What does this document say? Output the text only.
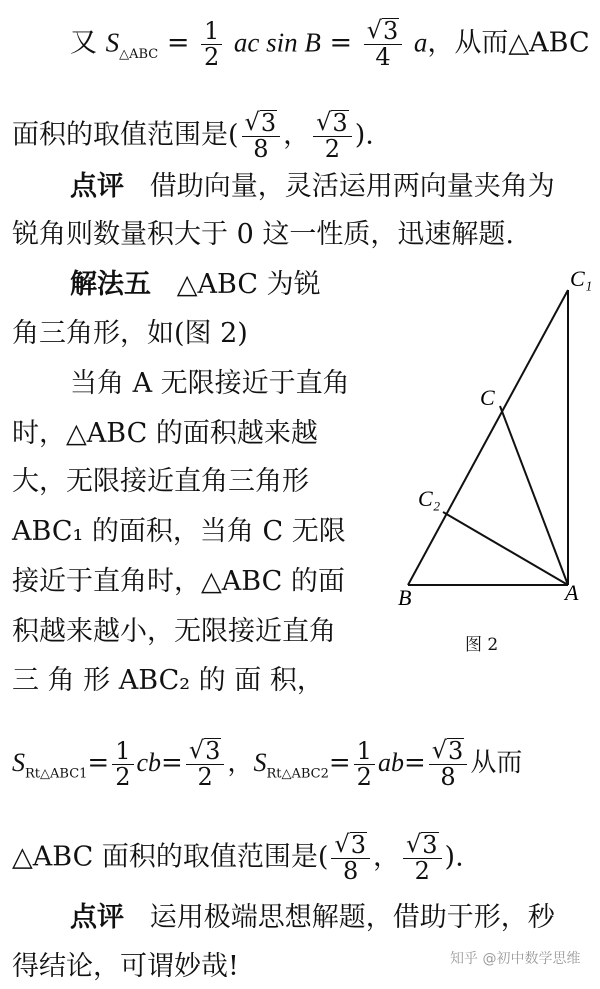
又 $S_{\triangle ABC} = \frac{1}{2}$ ac $\sin B = \frac{√ 3}{4}$ a，从而△ABC
面积的取值范围是( $\frac{√ 3}{8}$ ， $\frac{√ 3}{2}$ ).
点评 借助向量，灵活运用两向量夹角为
锐角则数量积大于 0 这一性质，迅速解题.
解法五 △ABC 为锐
角三角形，如(图 2)
当角 A 无限接近于直角
时，△ABC 的面积越来越
大，无限接近直角三角形
ABC₁ 的面积，当角 C 无限
接近于直角时，△ABC 的面
积越来越小，无限接近直角
三 角 形 ABC₂ 的 面 积，
C₁
C
C₂
B	A
图 2
$S_{Rt\triangle ABC1}= \frac{1}{2} cb= \frac{√ 3}{2}$ ，$S_{Rt\triangle ABC2}= \frac{1}{2} ab= \frac{√ 3}{8}$ 从而
△ABC 面积的取值范围是( $\frac{√ 3}{8}$ ， $\frac{√ 3}{2}$ ).
点评 运用极端思想解题，借助于形，秒
得结论，可谓妙哉!	知乎 @初中数学思维
